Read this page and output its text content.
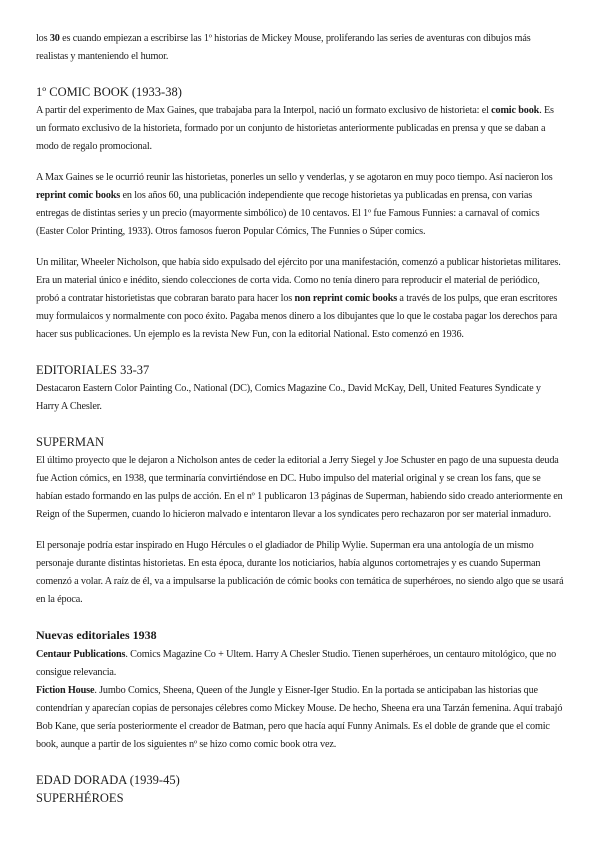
los 30 es cuando empiezan a escribirse las 1º historias de Mickey Mouse, proliferando las series de aventuras con dibujos más realistas y manteniendo el humor.

1º COMIC BOOK (1933-38)

A partir del experimento de Max Gaines, que trabajaba para la Interpol, nació un formato exclusivo de historieta: el comic book. Es un formato exclusivo de la historieta, formado por un conjunto de historietas anteriormente publicadas en prensa y que se daban a modo de regalo promocional.

A Max Gaines se le ocurrió reunir las historietas, ponerles un sello y venderlas, y se agotaron en muy poco tiempo. Así nacieron los reprint comic books en los años 60, una publicación independiente que recoge historietas ya publicadas en prensa, con varias entregas de distintas series y un precio (mayormente simbólico) de 10 centavos. El 1º fue Famous Funnies: a carnaval of comics (Easter Color Printing, 1933). Otros famosos fueron Popular Cómics, The Funnies o Súper comics.

Un militar, Wheeler Nicholson, que había sido expulsado del ejército por una manifestación, comenzó a publicar historietas militares. Era un material único e inédito, siendo colecciones de corta vida. Como no tenía dinero para reproducir el material de periódico, probó a contratar historietistas que cobraran barato para hacer los non reprint comic books a través de los pulps, que eran escritores muy formulaicos y normalmente con poco éxito. Pagaba menos dinero a los dibujantes que lo que le costaba pagar los derechos para hacer sus publicaciones. Un ejemplo es la revista New Fun, con la editorial National. Esto comenzó en 1936.

EDITORIALES 33-37

Destacaron Eastern Color Painting Co., National (DC), Comics Magazine Co., David McKay, Dell, United Features Syndicate y Harry A Chesler.

SUPERMAN

El último proyecto que le dejaron a Nicholson antes de ceder la editorial a Jerry Siegel y Joe Schuster en pago de una supuesta deuda fue Action cómics, en 1938, que terminaría convirtiéndose en DC. Hubo impulso del material original y se crean los fans, que se habían estado formando en las pulps de acción. En el nº 1 publicaron 13 páginas de Superman, habiendo sido creado anteriormente en Reign of the Supermen, cuando lo hicieron malvado e intentaron llevar a los syndicates pero rechazaron por ser material inmaduro.

El personaje podría estar inspirado en Hugo Hércules o el gladiador de Philip Wylie. Superman era una antología de un mismo personaje durante distintas historietas. En esta época, durante los noticiarios, había algunos cortometrajes y es cuando Superman comenzó a volar. A raíz de él, va a impulsarse la publicación de cómic books con temática de superhéroes, no siendo algo que se usará en la época.

Nuevas editoriales 1938

Centaur Publications. Comics Magazine Co + Ultem. Harry A Chesler Studio. Tienen superhéroes, un centauro mitológico, que no consigue relevancia.

Fiction House. Jumbo Comics, Sheena, Queen of the Jungle y Eisner-Iger Studio. En la portada se anticipaban las historias que contendrían y aparecían copias de personajes célebres como Mickey Mouse. De hecho, Sheena era una Tarzán femenina. Aquí trabajó Bob Kane, que sería posteriormente el creador de Batman, pero que hacía aquí Funny Animals. Es el doble de grande que el comic book, aunque a partir de los siguientes nº se hizo como comic book otra vez.

EDAD DORADA (1939-45)
SUPERHÉROES
